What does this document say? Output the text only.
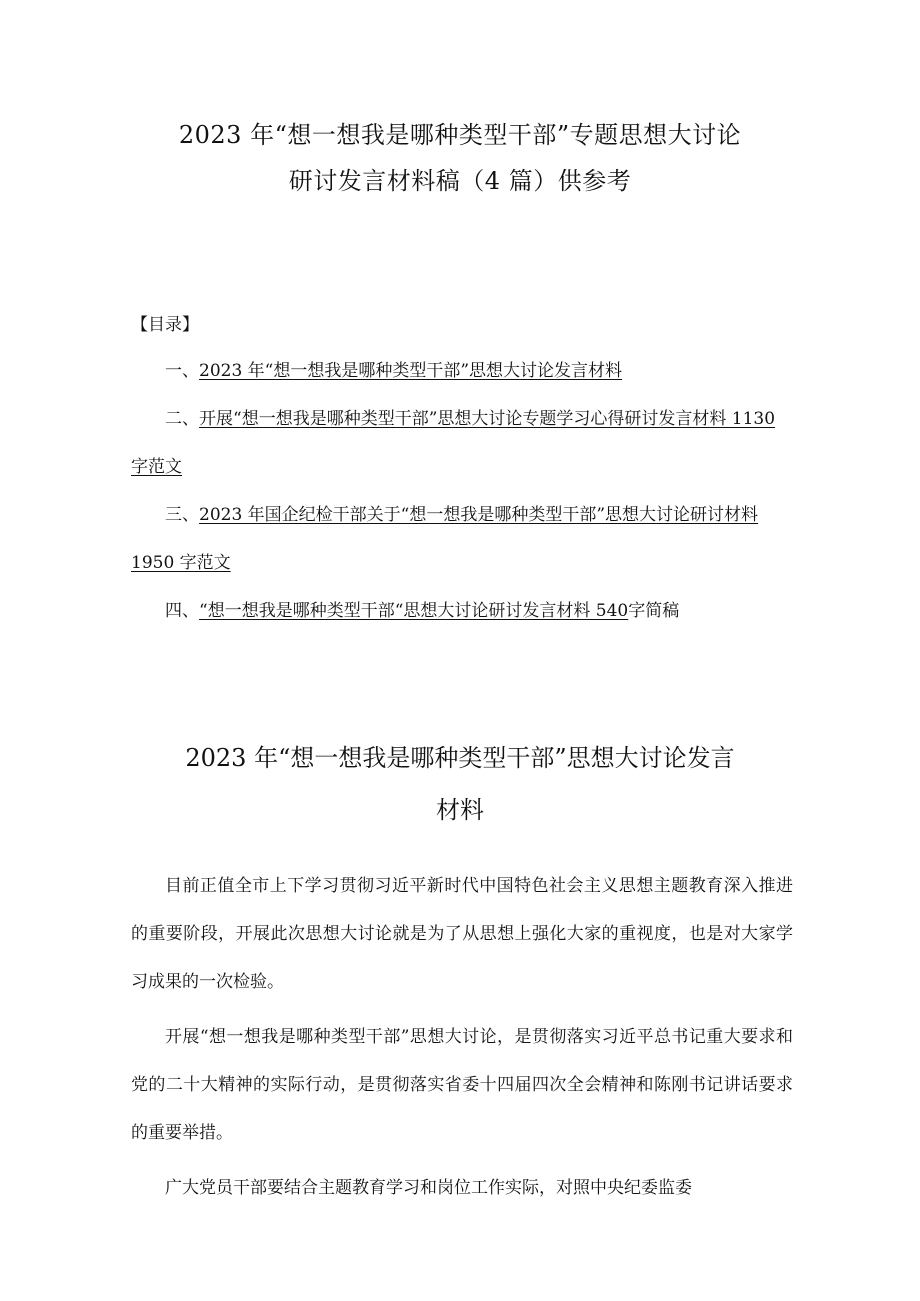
2023 年“想一想我是哪种类型干部”专题思想大讨论
研讨发言材料稿（4 篇）供参考
【目录】
一、2023 年“想一想我是哪种类型干部”思想大讨论发言材料
二、开展“想一想我是哪种类型干部”思想大讨论专题学习心得研讨发言材料 1130 字范文
三、2023 年国企纪检干部关于“想一想我是哪种类型干部”思想大讨论研讨材料 1950 字范文
四、“想一想我是哪种类型干部“思想大讨论研讨发言材料 540字简稿
2023 年“想一想我是哪种类型干部”思想大讨论发言
材料

目前正值全市上下学习贯彻习近平新时代中国特色社会主义思想主题教育深入推进的重要阶段，开展此次思想大讨论就是为了从思想上强化大家的重视度，也是对大家学习成果的一次检验。

开展“想一想我是哪种类型干部”思想大讨论，是贯彻落实习近平总书记重大要求和党的二十大精神的实际行动，是贯彻落实省委十四届四次全会精神和陈刚书记讲话要求的重要举措。

广大党员干部要结合主题教育学习和岗位工作实际，对照中央纪委监委
